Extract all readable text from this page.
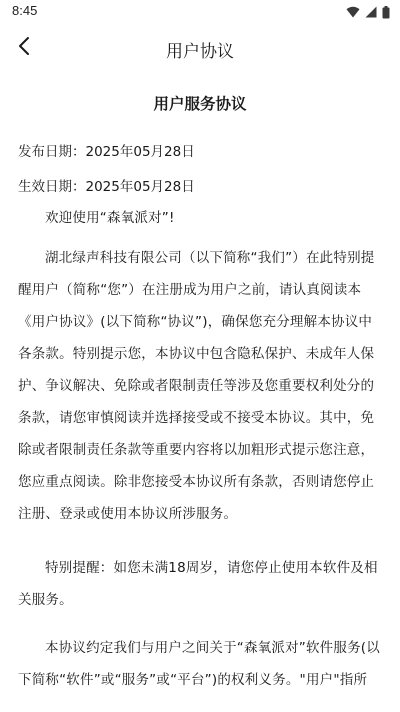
8:45
用户协议
用户服务协议
发布日期：2025年05月28日
生效日期：2025年05月28日

欢迎使用“森氧派对”!

湖北绿声科技有限公司（以下简称“我们”）在此特别提醒用户（简称“您”）在注册成为用户之前，请认真阅读本《用户协议》(以下简称“协议”)，确保您充分理解本协议中各条款。特别提示您，本协议中包含隐私保护、未成年人保护、争议解决、免除或者限制责任等涉及您重要权利处分的条款，请您审慎阅读并选择接受或不接受本协议。其中，免除或者限制责任条款等重要内容将以加粗形式提示您注意，您应重点阅读。除非您接受本协议所有条款，否则请您停止注册、登录或使用本协议所涉服务。

特别提醒：如您未满18周岁，请您停止使用本软件及相关服务。

本协议约定我们与用户之间关于“森氧派对”软件服务(以下简称“软件”或“服务”或“平台”)的权利义务。"用户"指所
